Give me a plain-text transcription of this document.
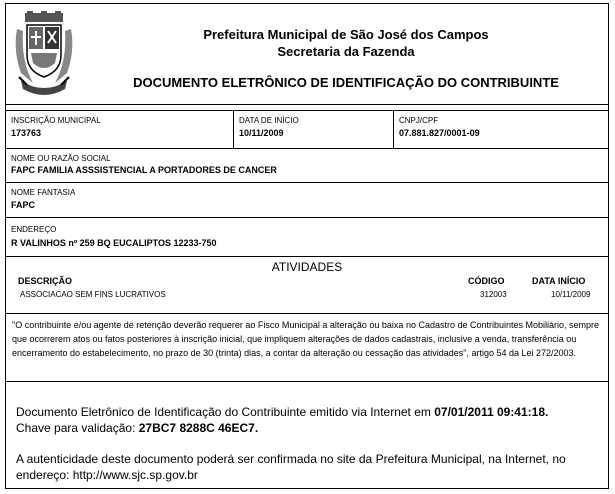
Prefeitura Municipal de São José dos Campos
Secretaria da Fazenda
DOCUMENTO ELETRÔNICO DE IDENTIFICAÇÃO DO CONTRIBUINTE
INSCRIÇÃO MUNICIPAL
173763
DATA DE INÍCIO
10/11/2009
CNPJ/CPF
07.881.827/0001-09
NOME OU RAZÃO SOCIAL
FAPC FAMILIA ASSSISTENCIAL A PORTADORES DE CANCER
NOME FANTASIA
FAPC
ENDEREÇO
R VALINHOS nº 259 BQ EUCALIPTOS 12233-750
ATIVIDADES
DESCRIÇÃO	CÓDIGO	DATA INÍCIO
ASSOCIACAO SEM FINS LUCRATIVOS	312003	10/11/2009
"O contribuinte e/ou agente de retenção deverão requerer ao Fisco Municipal a alteração ou baixa no Cadastro de Contribuintes Mobiliário, sempre que ocorrerem atos ou fatos posteriores à inscrição inicial, que impliquem alterações de dados cadastrais, inclusive a venda, transferência ou encerramento do estabelecimento, no prazo de 30 (trinta) dias, a contar da alteração ou cessação das atividades", artigo 54 da Lei 272/2003.
Documento Eletrônico de Identificação do Contribuinte emitido via Internet em 07/01/2011 09:41:18.
Chave para validação: 27BC7 8288C 46EC7.
A autenticidade deste documento poderá ser confirmada no site da Prefeitura Municipal, na Internet, no endereço: http://www.sjc.sp.gov.br
